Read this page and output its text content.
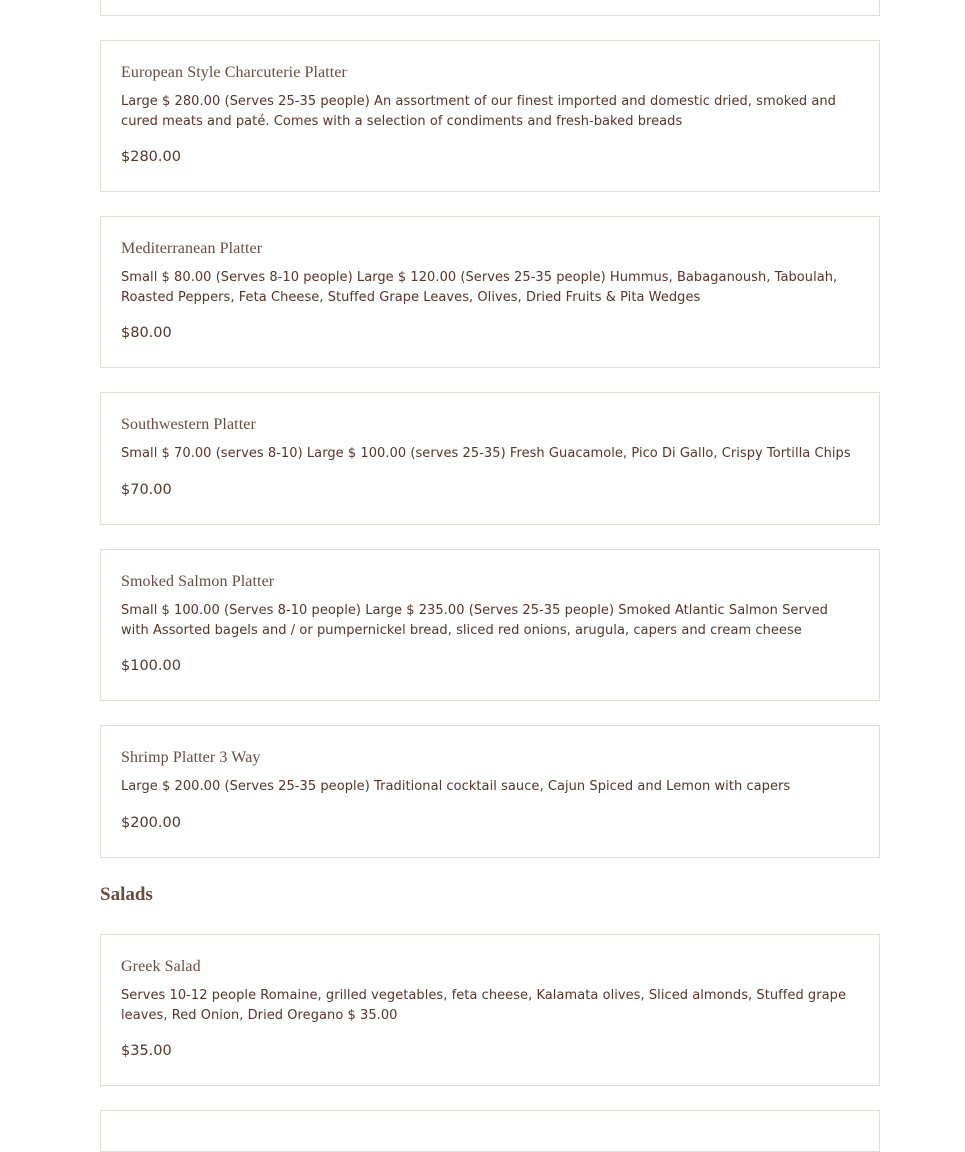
European Style Charcuterie Platter

Large $ 280.00 (Serves 25-35 people) An assortment of our finest imported and domestic dried, smoked and cured meats and paté. Comes with a selection of condiments and fresh-baked breads

$280.00

Mediterranean Platter

Small $ 80.00 (Serves 8-10 people) Large $ 120.00 (Serves 25-35 people) Hummus, Babaganoush, Taboulah, Roasted Peppers, Feta Cheese, Stuffed Grape Leaves, Olives, Dried Fruits & Pita Wedges

$80.00

Southwestern Platter

Small $ 70.00 (serves 8-10) Large $ 100.00 (serves 25-35) Fresh Guacamole, Pico Di Gallo, Crispy Tortilla Chips

$70.00

Smoked Salmon Platter

Small $ 100.00 (Serves 8-10 people) Large $ 235.00 (Serves 25-35 people) Smoked Atlantic Salmon Served with Assorted bagels and / or pumpernickel bread, sliced red onions, arugula, capers and cream cheese

$100.00

Shrimp Platter 3 Way

Large $ 200.00 (Serves 25-35 people) Traditional cocktail sauce, Cajun Spiced and Lemon with capers

$200.00

Salads

Greek Salad

Serves 10-12 people Romaine, grilled vegetables, feta cheese, Kalamata olives, Sliced almonds, Stuffed grape leaves, Red Onion, Dried Oregano $ 35.00

$35.00
